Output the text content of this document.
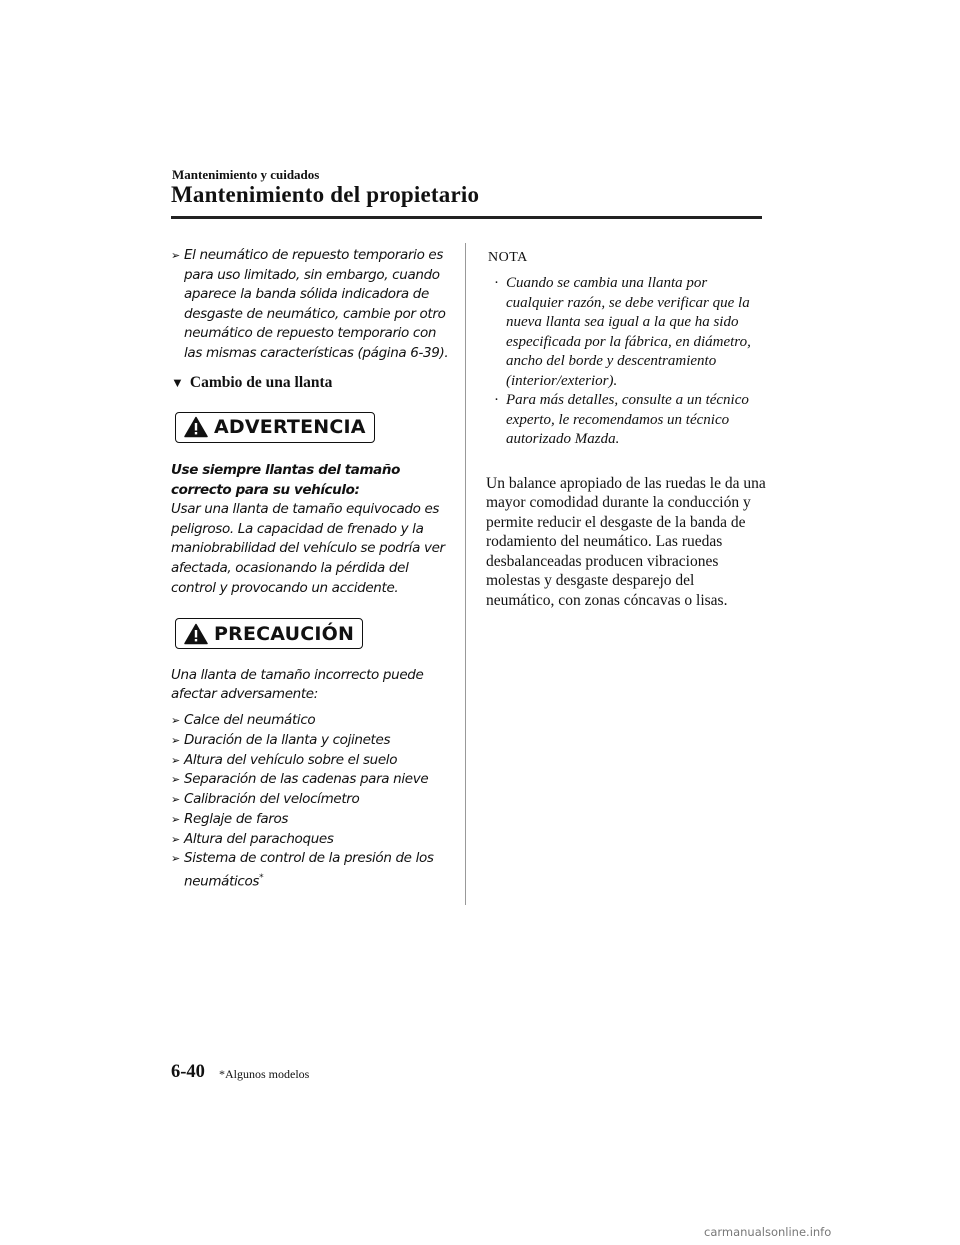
Mantenimiento y cuidados
Mantenimiento del propietario
➢ El neumático de repuesto temporario es para uso limitado, sin embargo, cuando aparece la banda sólida indicadora de desgaste de neumático, cambie por otro neumático de repuesto temporario con las mismas características (página 6-39).
▼ Cambio de una llanta
ADVERTENCIA
Use siempre llantas del tamaño correcto para su vehículo:
Usar una llanta de tamaño equivocado es peligroso. La capacidad de frenado y la maniobrabilidad del vehículo se podría ver afectada, ocasionando la pérdida del control y provocando un accidente.
PRECAUCIÓN
Una llanta de tamaño incorrecto puede afectar adversamente:
➢ Calce del neumático
➢ Duración de la llanta y cojinetes
➢ Altura del vehículo sobre el suelo
➢ Separación de las cadenas para nieve
➢ Calibración del velocímetro
➢ Reglaje de faros
➢ Altura del parachoques
➢ Sistema de control de la presión de los neumáticos*
NOTA
· Cuando se cambia una llanta por cualquier razón, se debe verificar que la nueva llanta sea igual a la que ha sido especificada por la fábrica, en diámetro, ancho del borde y descentramiento (interior/exterior).
· Para más detalles, consulte a un técnico experto, le recomendamos un técnico autorizado Mazda.
Un balance apropiado de las ruedas le da una mayor comodidad durante la conducción y permite reducir el desgaste de la banda de rodamiento del neumático. Las ruedas desbalanceadas producen vibraciones molestas y desgaste desparejo del neumático, con zonas cóncavas o lisas.
6-40 *Algunos modelos
carmanualsonline.info
